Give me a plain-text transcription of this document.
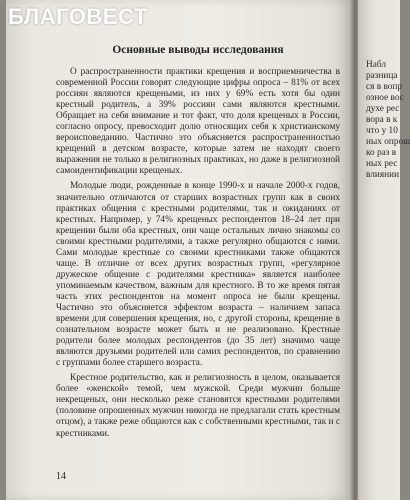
Основные выводы исследования

О распространенности практики крещения и восприемничества в современной России говорят следующие цифры опроса – 81% от всех россиян являются крещеными, из них у 69% есть хотя бы один крестный родитель, а 39% россиян сами являются крестными. Обращает на себя внимание и тот факт, что доля крещеных в России, согласно опросу, превосходит долю относящих себя к христианскому вероисповеданию. Частично это объясняется распространенностью крещений в детском возрасте, которые затем не находят своего выражения не только в религиозных практиках, но даже в религиозной самоидентификации крещеных.

Молодые люди, рожденные в конце 1990-х и начале 2000-х годов, значительно отличаются от старших возрастных групп как в своих практиках общения с крестными родителями, так и ожиданиях от крестных. Например, у 74% крещеных респондентов 18–24 лет при крещении были оба крестных, они чаще остальных лично знакомы со своими крестными родителями, а также регулярно общаются с ними. Сами молодые крестные со своими крестниками также общаются чаще. В отличие от всех других возрастных групп, «регулярное дружеское общение с родителями крестника» является наиболее упоминаемым качеством, важным для крестного. В то же время пятая часть этих респондентов на момент опроса не были крещены. Частично это объясняется эффектом возраста – наличием запаса времени для совершения крещения, но, с другой стороны, крещение в сознательном возрасте может быть и не реализовано. Крестные родители более молодых респондентов (до 35 лет) значимо чаще являются друзьями родителей или самих респондентов, по сравнению с группами более старшего возраста.

Крестное родительство, как и религиозность в целом, оказывается более «женской» темой, чем мужской. Среди мужчин больше некрещеных, они несколько реже становятся крестными родителями (половине опрошенных мужчин никогда не предлагали стать крестным отцом), а также реже общаются как с собственными крестными, так и с крестниками.

14
Набл
разница
ся в вопр
озное вос
духе рес
вора в к
что у 10
ных опрош
ко раз в
ных рес
влиянии
БЛАГОВЕСТ
